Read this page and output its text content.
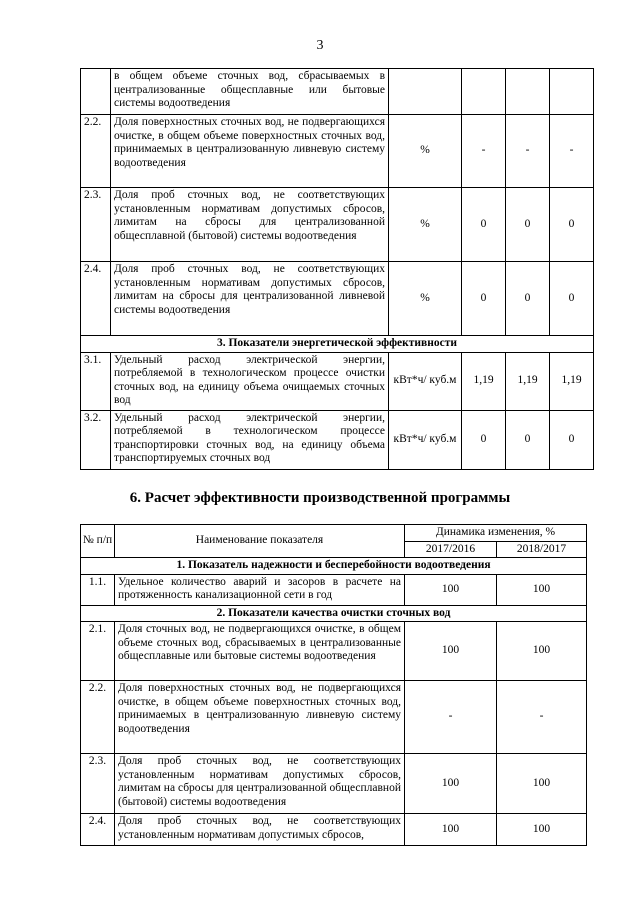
3
	в общем объеме сточных вод, сбрасываемых в централизованные общесплавные или бытовые системы водоотведения				
2.2.	Доля поверхностных сточных вод, не подвергающихся очистке, в общем объеме поверхностных сточных вод, принимаемых в централизованную ливневую систему водоотведения	%	-	-	-
2.3.	Доля проб сточных вод, не соответствующих установленным нормативам допустимых сбросов, лимитам на сбросы для централизованной общесплавной (бытовой) системы водоотведения	%	0	0	0
2.4.	Доля проб сточных вод, не соответствующих установленным нормативам допустимых сбросов, лимитам на сбросы для централизованной ливневой системы водоотведения	%	0	0	0
3. Показатели энергетической эффективности					
3.1.	Удельный расход электрической энергии, потребляемой в технологическом процессе очистки сточных вод, на единицу объема очищаемых сточных вод	кВт*ч/ куб.м	1,19	1,19	1,19
3.2.	Удельный расход электрической энергии, потребляемой в технологическом процессе транспортировки сточных вод, на единицу объема транспортируемых сточных вод	кВт*ч/ куб.м	0	0	0
6. Расчет эффективности производственной программы
№ п/п	Наименование показателя	Динамика изменения, %	
		2017/2016	2018/2017
1. Показатель надежности и бесперебойности водоотведения			
1.1.	Удельное количество аварий и засоров в расчете на протяженность канализационной сети в год	100	100
2. Показатели качества очистки сточных вод			
2.1.	Доля сточных вод, не подвергающихся очистке, в общем объеме сточных вод, сбрасываемых в централизованные общесплавные или бытовые системы водоотведения	100	100
2.2.	Доля поверхностных сточных вод, не подвергающихся очистке, в общем объеме поверхностных сточных вод, принимаемых в централизованную ливневую систему водоотведения	-	-
2.3.	Доля проб сточных вод, не соответствующих установленным нормативам допустимых сбросов, лимитам на сбросы для централизованной общесплавной (бытовой) системы водоотведения	100	100
2.4.	Доля проб сточных вод, не соответствующих установленным нормативам допустимых сбросов,	100	100
